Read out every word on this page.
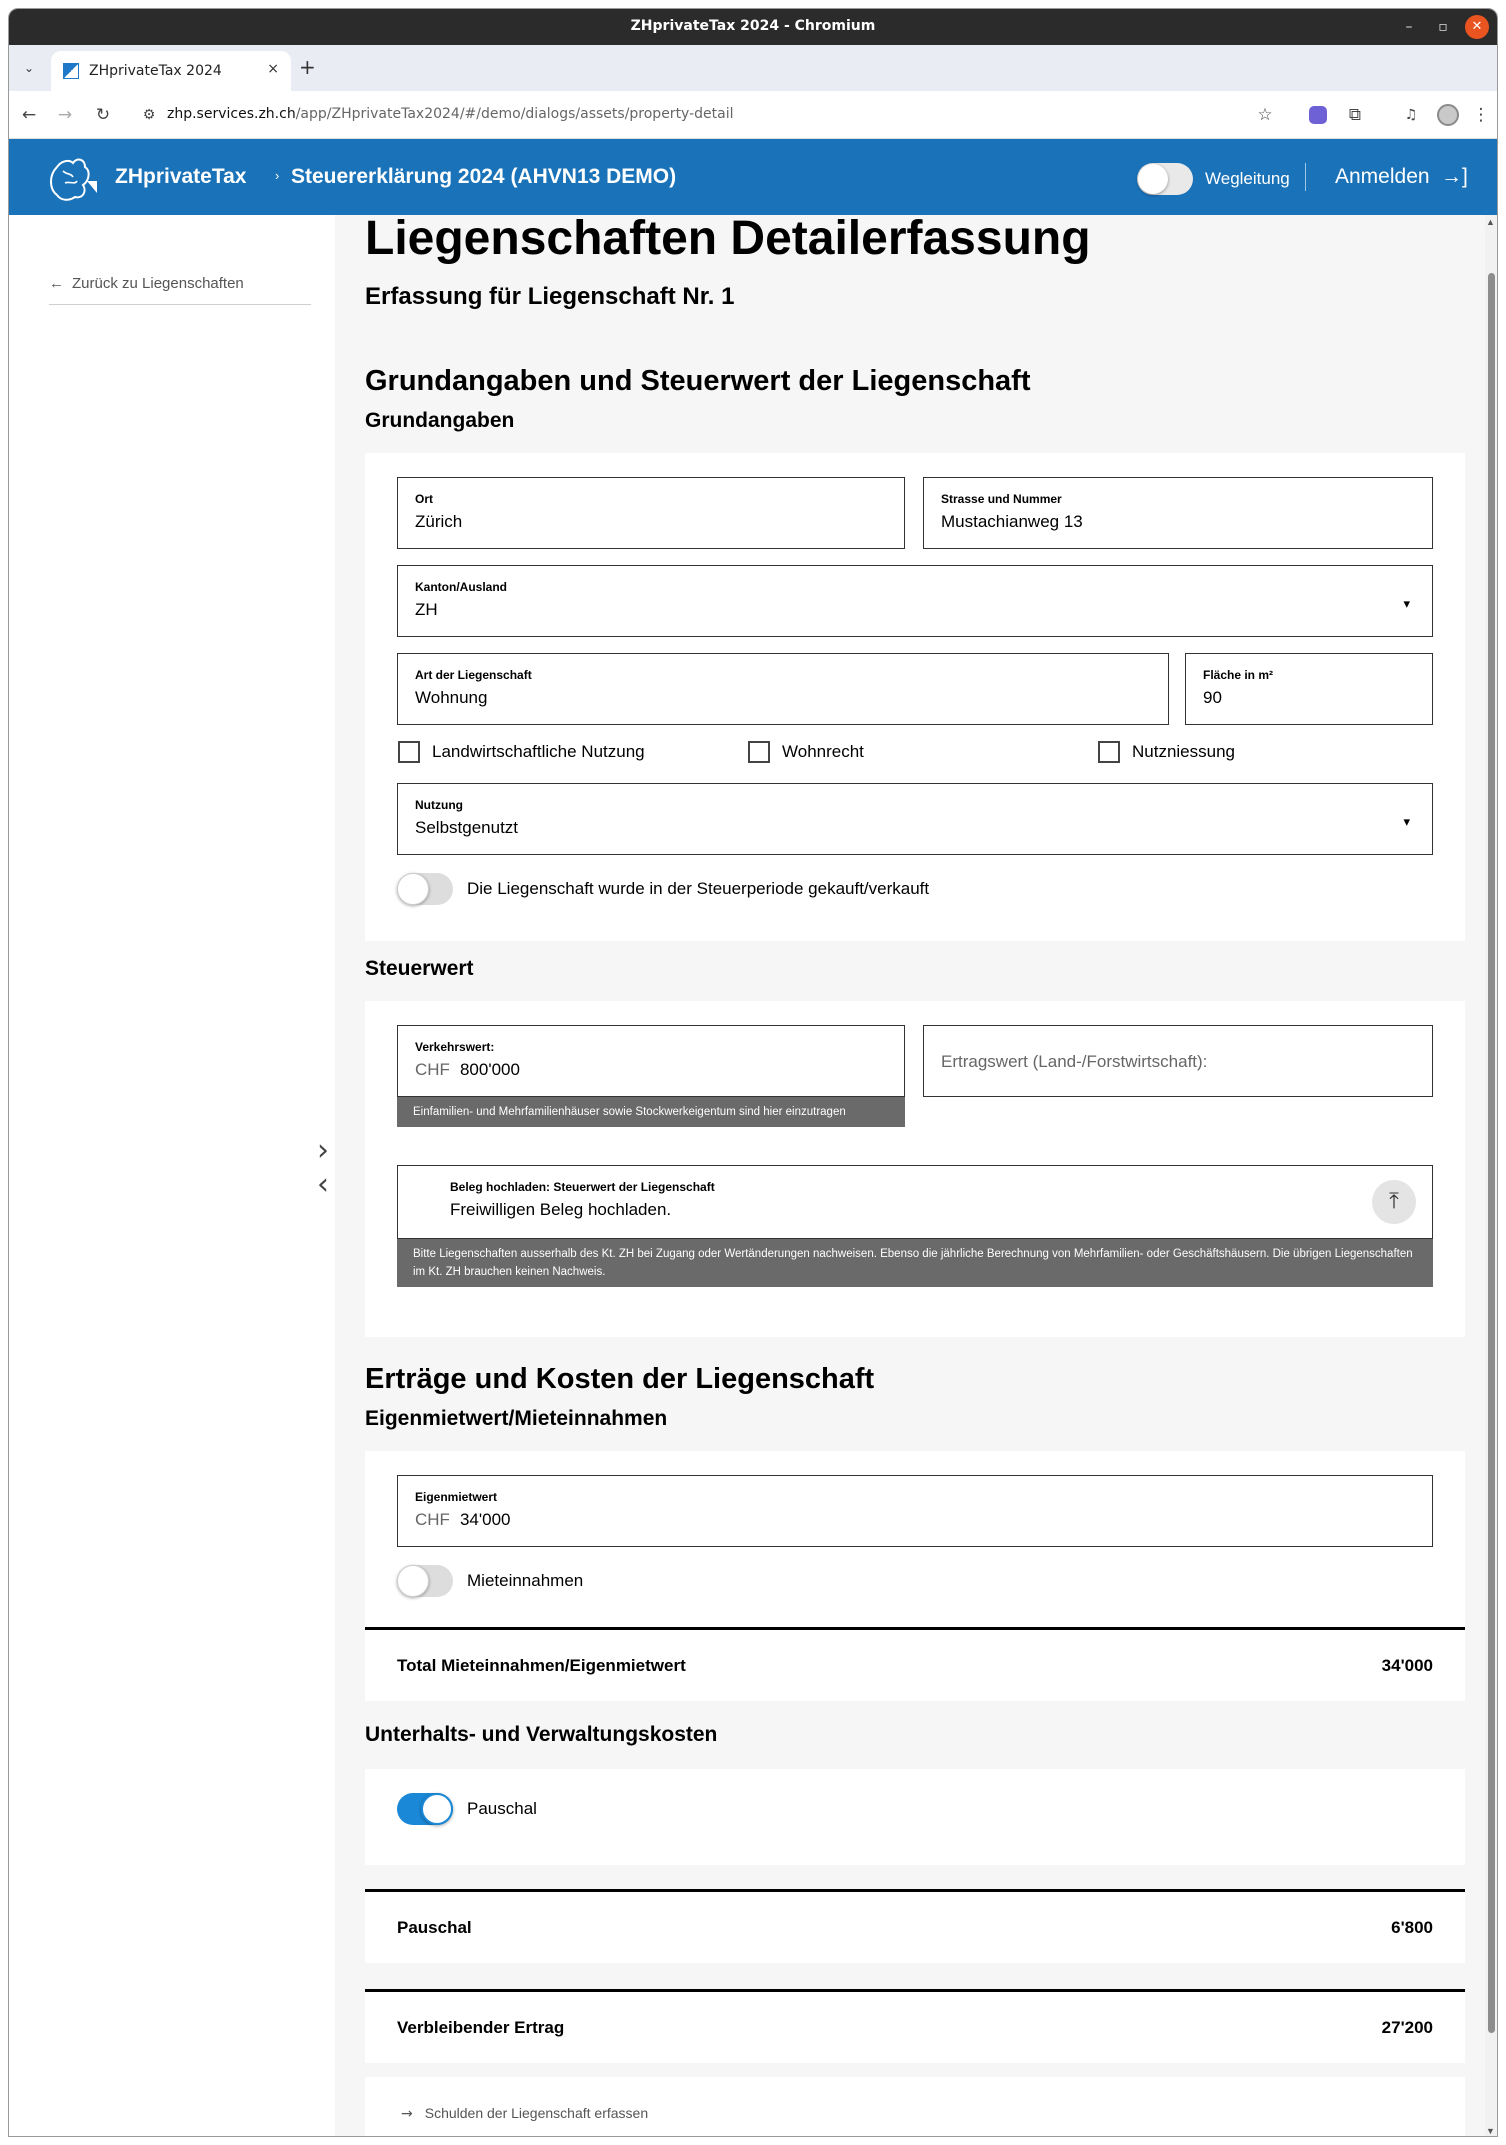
ZHprivateTax 2024 - Chromium	–	▫	✕
⌄	ZHprivateTax 2024	× +
← → ↻	⚙ zhp.services.zh.ch/app/ZHprivateTax2024/#/demo/dialogs/assets/property-detail	☆	⧉	♫	⋮
ZHprivateTax › Steuererklärung 2024 (AHVN13 DEMO)	Wegleitung Anmelden →]
← Zurück zu Liegenschaften
›
‹
Liegenschaften Detailerfassung
Erfassung für Liegenschaft Nr. 1
Grundangaben und Steuerwert der Liegenschaft
Grundangaben
Ort
Zürich
Strasse und Nummer
Mustachianweg 13
Kanton/Ausland
ZH	▾
Art der Liegenschaft
Wohnung
Fläche in m²
90
Landwirtschaftliche Nutzung	Wohnrecht	Nutzniessung
Nutzung
Selbstgenutzt	▾
Die Liegenschaft wurde in der Steuerperiode gekauft/verkauft
Steuerwert
Verkehrswert:
CHF 800'000
Einfamilien- und Mehrfamilienhäuser sowie Stockwerkeigentum sind hier einzutragen
Ertragswert (Land-/Forstwirtschaft):
Beleg hochladen: Steuerwert der Liegenschaft
Freiwilligen Beleg hochladen.	⤒
Bitte Liegenschaften ausserhalb des Kt. ZH bei Zugang oder Wertänderungen nachweisen. Ebenso die jährliche Berechnung von Mehrfamilien- oder Geschäftshäusern. Die übrigen Liegenschaften im Kt. ZH brauchen keinen Nachweis.
Erträge und Kosten der Liegenschaft
Eigenmietwert/Mieteinnahmen
Eigenmietwert
CHF 34'000
Mieteinnahmen
Total Mieteinnahmen/Eigenmietwert	34'000
Unterhalts- und Verwaltungskosten
Pauschal
Pauschal	6'800
Verbleibender Ertrag	27'200
→ Schulden der Liegenschaft erfassen
▲
▼
